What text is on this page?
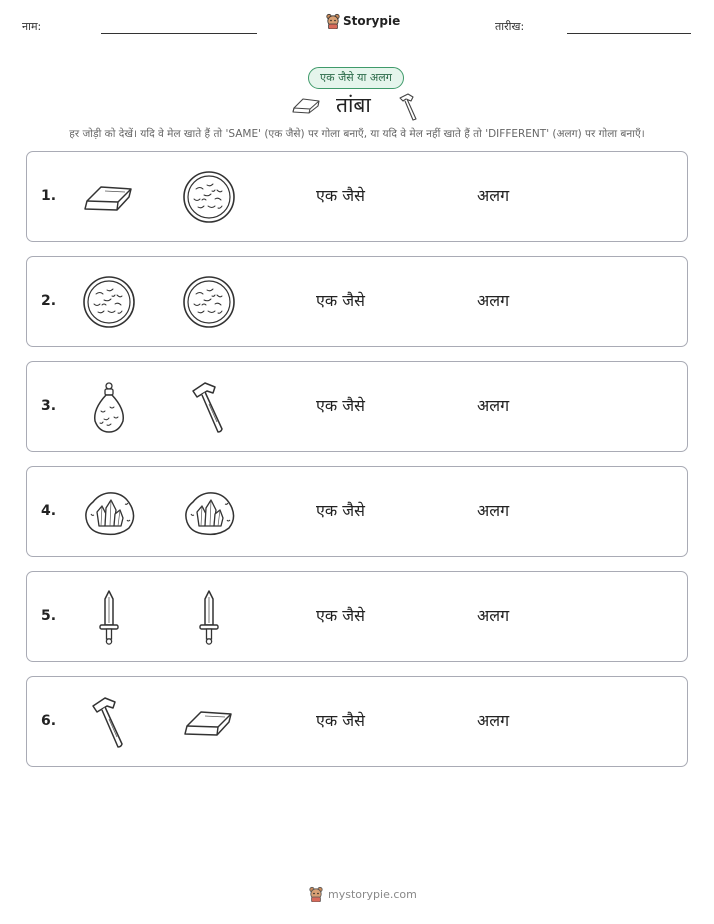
नाम:	Storypie	तारीख:
एक जैसे या अलग
तांबा
हर जोड़ी को देखें। यदि वे मेल खाते हैं तो 'SAME' (एक जैसे) पर गोला बनाएँ, या यदि वे मेल नहीं खाते हैं तो 'DIFFERENT' (अलग) पर गोला बनाएँ।
1.	एक जैसे	अलग
2.	एक जैसे	अलग
3.	एक जैसे	अलग
4.	एक जैसे	अलग
5.	एक जैसे	अलग
6.	एक जैसे	अलग
mystorypie.com
